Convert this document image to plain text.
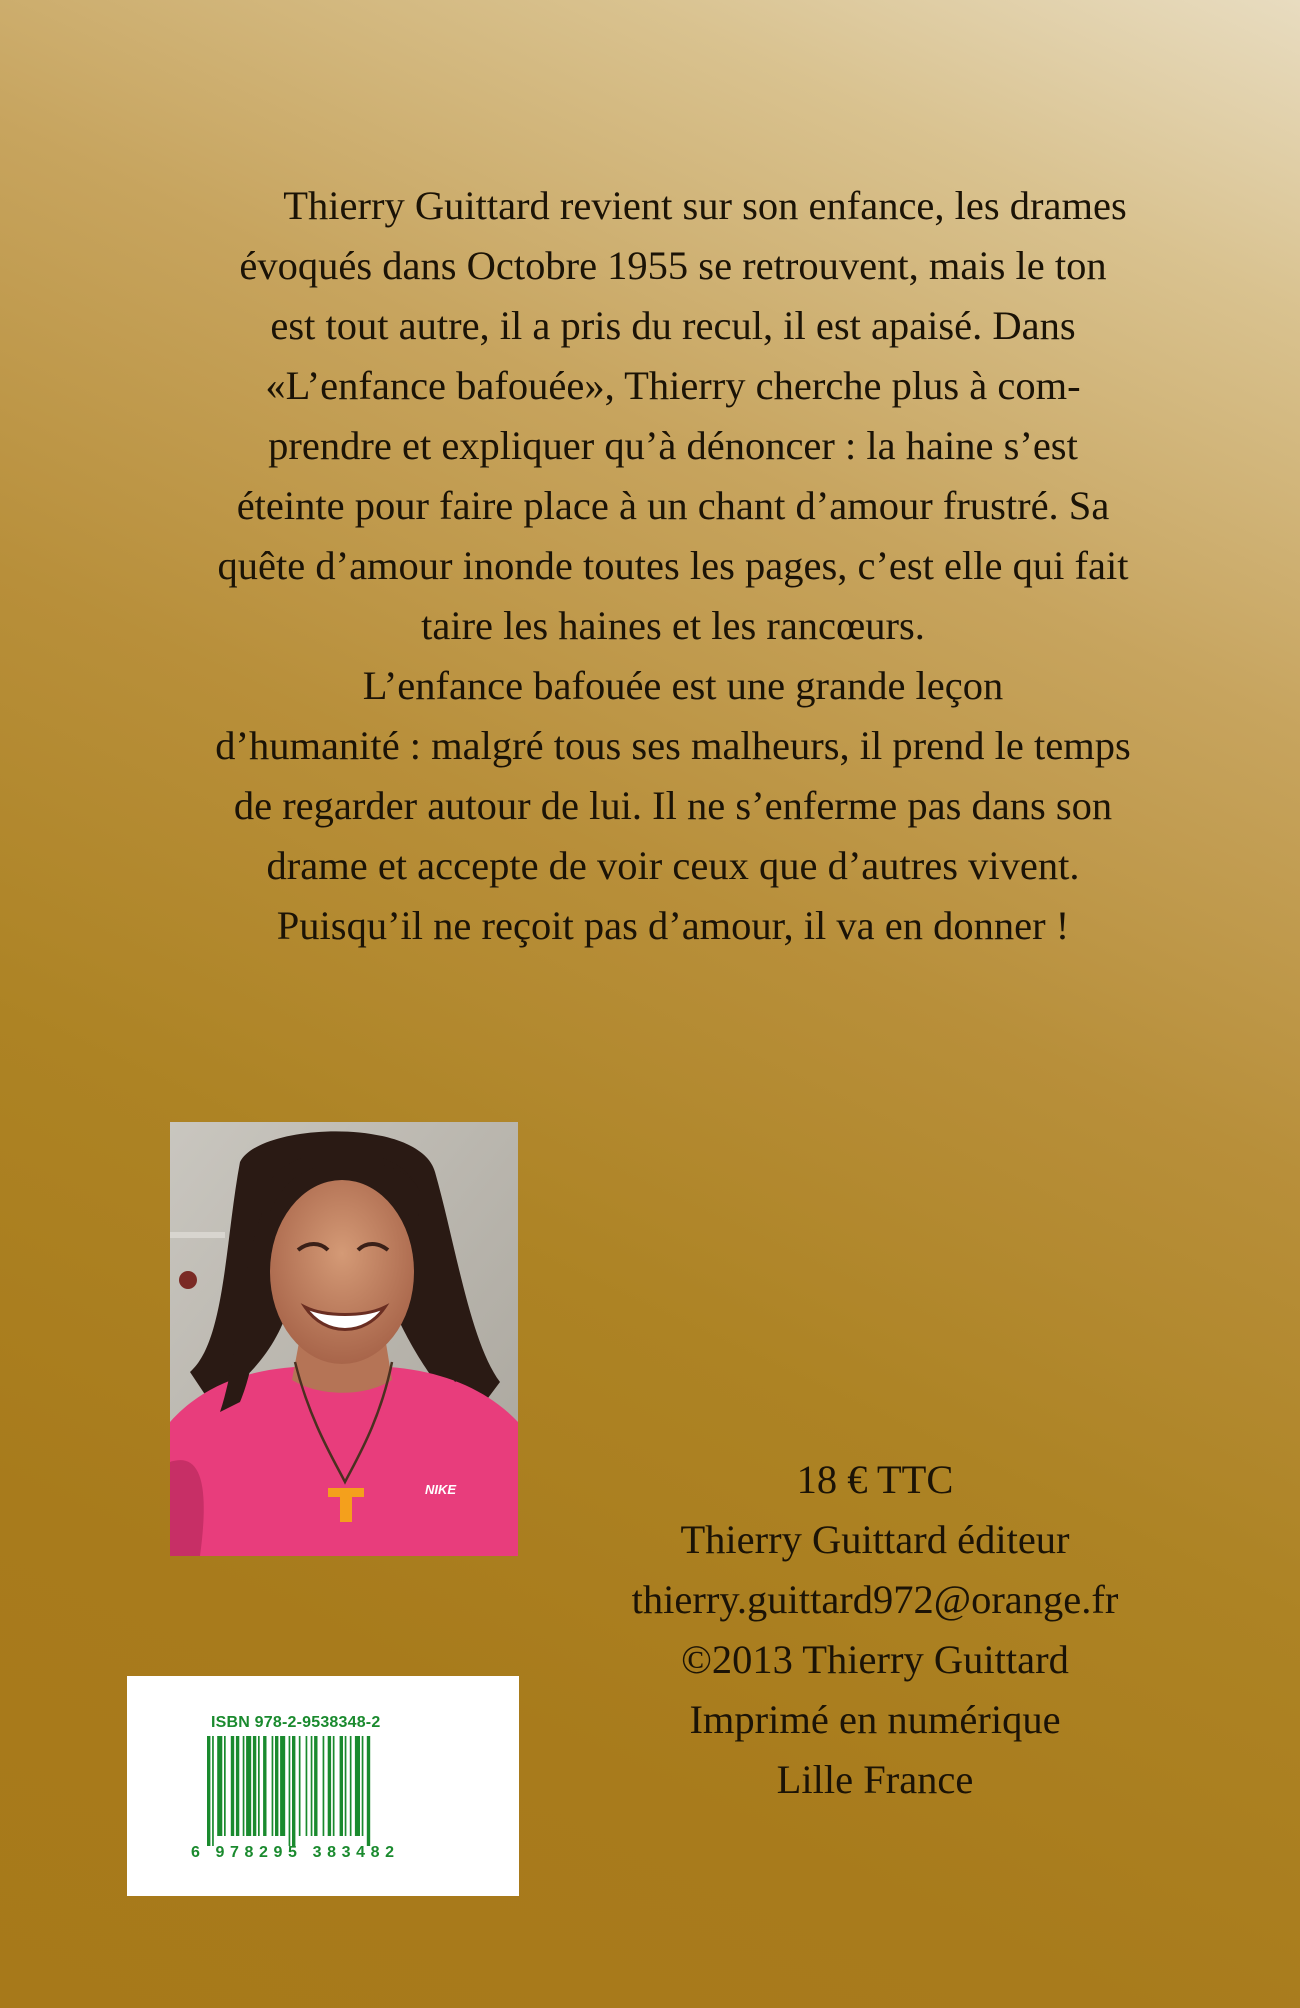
Thierry Guittard revient sur son enfance, les drames
évoqués dans Octobre 1955 se retrouvent, mais le ton
est tout autre, il a pris du recul, il est apaisé. Dans
«L’enfance bafouée», Thierry cherche plus à com-
prendre et expliquer qu’à dénoncer : la haine s’est
éteinte pour faire place à un chant d’amour frustré. Sa
quête d’amour inonde toutes les pages, c’est elle qui fait
taire les haines et les rancœurs.

L’enfance bafouée est une grande leçon
d’humanité : malgré tous ses malheurs, il prend le temps
de regarder autour de lui. Il ne s’enferme pas dans son
drame et accepte de voir ceux que d’autres vivent.
Puisqu’il ne reçoit pas d’amour, il va en donner !

T
NIKE
ISBN 978-2-9538348-2
6 978295 383482
18 € TTC
Thierry Guittard éditeur
thierry.guittard972@orange.fr
©2013 Thierry Guittard
Imprimé en numérique
Lille France
